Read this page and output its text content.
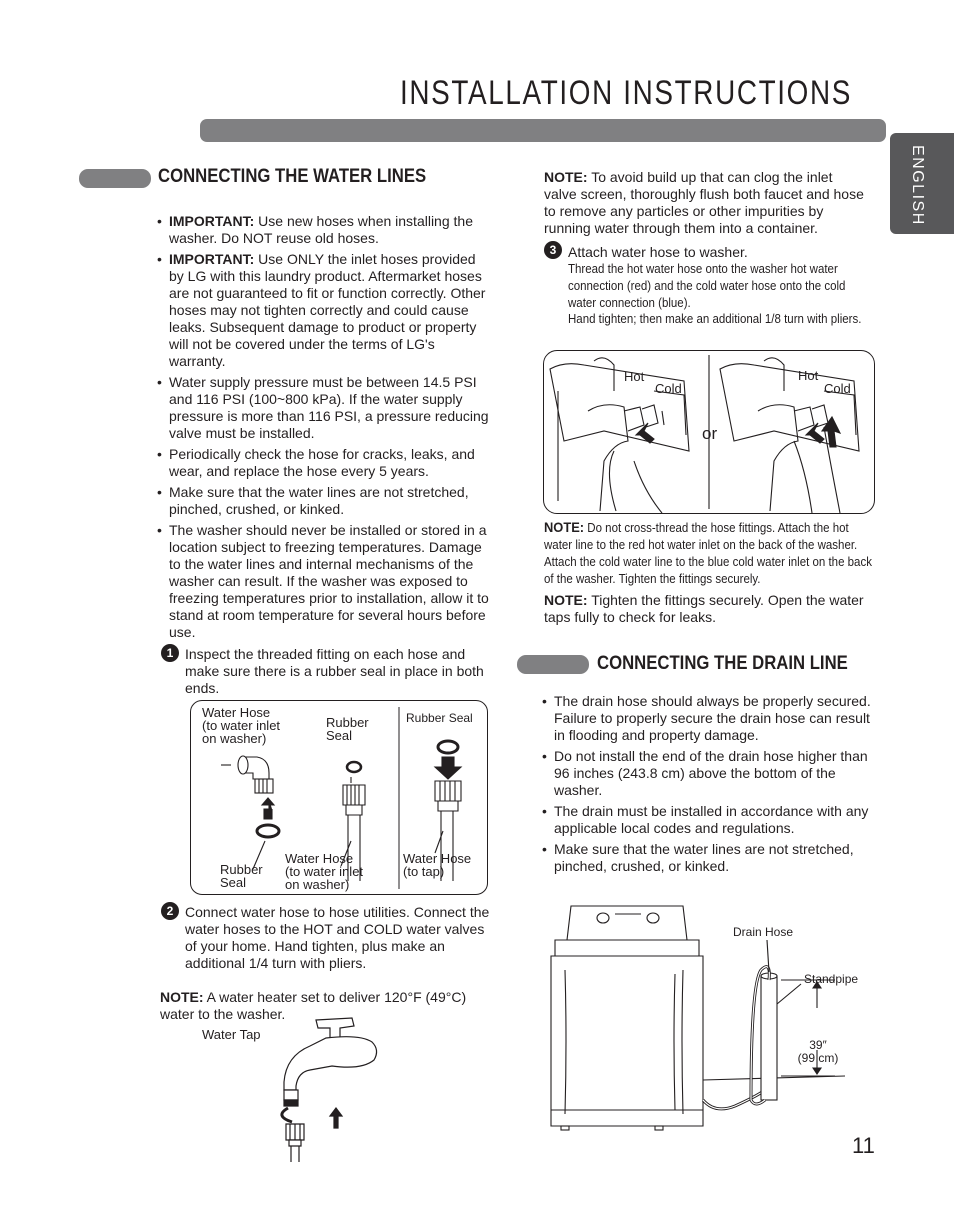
INSTALLATION INSTRUCTIONS
ENGLISH
CONNECTING THE WATER LINES
• IMPORTANT: Use new hoses when installing the washer. Do NOT reuse old hoses.
• IMPORTANT: Use ONLY the inlet hoses provided by LG with this laundry product. Aftermarket hoses are not guaranteed to fit or function correctly. Other hoses may not tighten correctly and could cause leaks. Subsequent damage to product or property will not be covered under the terms of LG's warranty.
• Water supply pressure must be between 14.5 PSI and 116 PSI (100~800 kPa). If the water supply pressure is more than 116 PSI, a pressure reducing valve must be installed.
• Periodically check the hose for cracks, leaks, and wear, and replace the hose every 5 years.
• Make sure that the water lines are not stretched, pinched, crushed, or kinked.
• The washer should never be installed or stored in a location subject to freezing temperatures. Damage to the water lines and internal mechanisms of the washer can result. If the washer was exposed to freezing temperatures prior to installation, allow it to stand at room temperature for several hours before use.
1 Inspect the threaded fitting on each hose and make sure there is a rubber seal in place in both ends.
Water Hose
(to water inlet
on washer)
Rubber
Seal
Rubber Seal
Rubber
Seal
Water Hose
(to water inlet
on washer)
Water Hose
(to tap)
2 Connect water hose to hose utilities. Connect the water hoses to the HOT and COLD water valves of your home. Hand tighten, plus make an additional 1/4 turn with pliers.
NOTE: A water heater set to deliver 120°F (49°C) water to the washer.
Water Tap
NOTE: To avoid build up that can clog the inlet valve screen, thoroughly flush both faucet and hose to remove any particles or other impurities by running water through them into a container.
3 Attach water hose to washer.
Thread the hot water hose onto the washer hot water connection (red) and the cold water hose onto the cold water connection (blue).
Hand tighten; then make an additional 1/8 turn with pliers.
Hot
Cold
or
Hot
Cold
NOTE: Do not cross-thread the hose fittings. Attach the hot water line to the red hot water inlet on the back of the washer. Attach the cold water line to the blue cold water inlet on the back of the washer. Tighten the fittings securely.
NOTE: Tighten the fittings securely. Open the water taps fully to check for leaks.
CONNECTING THE DRAIN LINE
• The drain hose should always be properly secured. Failure to properly secure the drain hose can result in flooding and property damage.
• Do not install the end of the drain hose higher than 96 inches (243.8 cm) above the bottom of the washer.
• The drain must be installed in accordance with any applicable local codes and regulations.
• Make sure that the water lines are not stretched, pinched, crushed, or kinked.
Drain Hose
Standpipe
39″
(99 cm)
11
